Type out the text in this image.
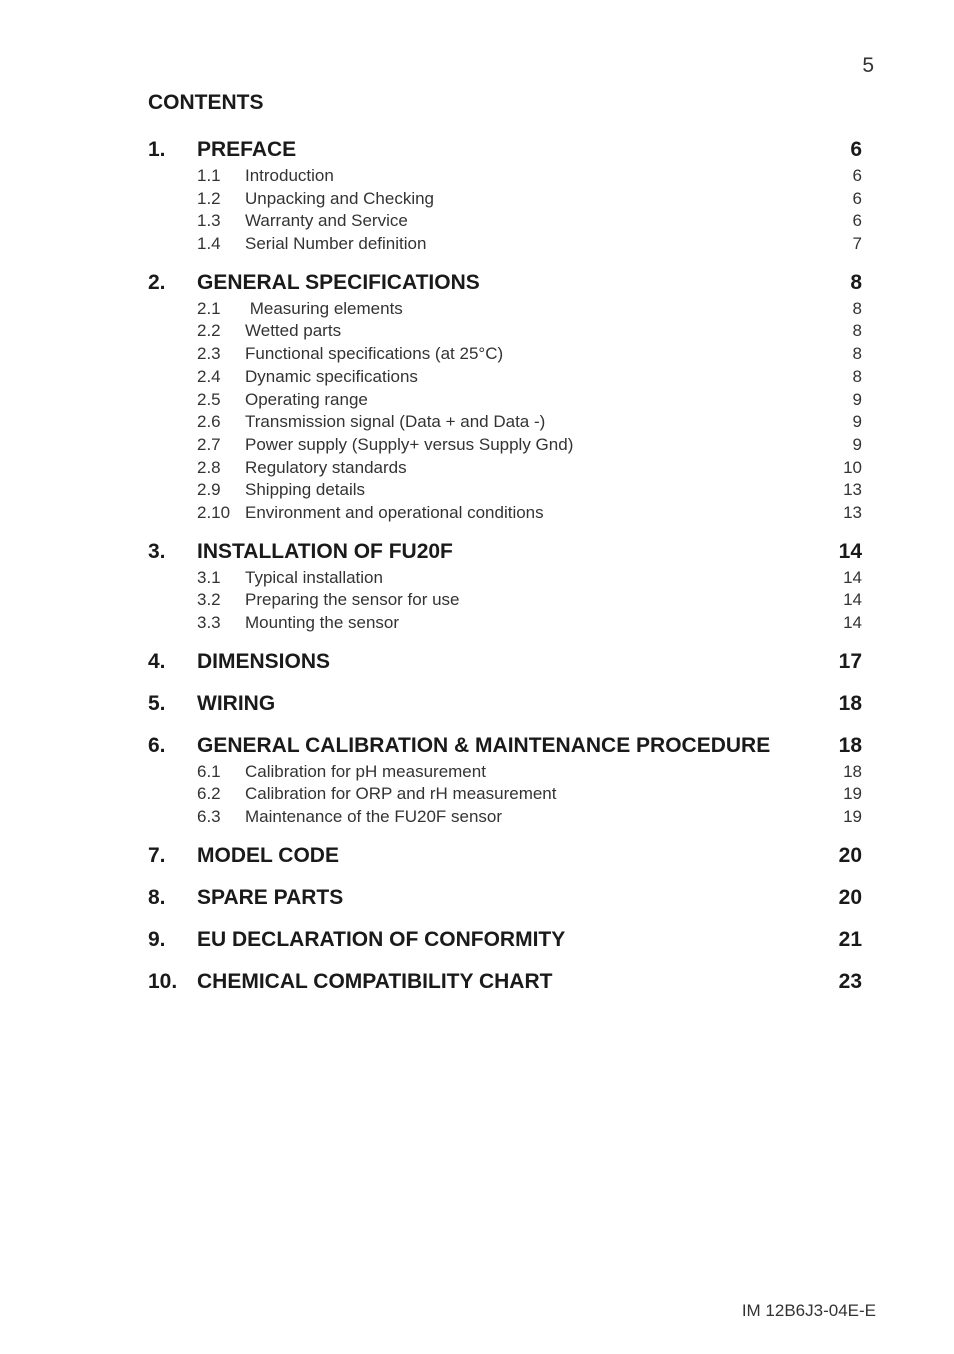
5
CONTENTS
1.	PREFACE	6
1.1	Introduction	6
1.2	Unpacking and Checking	6
1.3	Warranty and Service	6
1.4	Serial Number definition	7
2.	GENERAL SPECIFICATIONS	8
2.1	Measuring elements	8
2.2	Wetted parts	8
2.3	Functional specifications (at 25°C)	8
2.4	Dynamic specifications	8
2.5	Operating range	9
2.6	Transmission signal (Data + and Data -)	9
2.7	Power supply (Supply+ versus Supply Gnd)	9
2.8	Regulatory standards	10
2.9	Shipping details	13
2.10 Environment and operational conditions	13
3.	INSTALLATION OF FU20F	14
3.1	Typical installation	14
3.2	Preparing the sensor for use	14
3.3	Mounting the sensor	14
4.	DIMENSIONS	17
5.	WIRING	18
6.	GENERAL CALIBRATION & MAINTENANCE PROCEDURE	18
6.1	Calibration for pH measurement	18
6.2	Calibration for ORP and rH measurement	19
6.3	Maintenance of the FU20F sensor	19
7.	MODEL CODE	20
8.	SPARE PARTS	20
9.	EU DECLARATION OF CONFORMITY	21
10. CHEMICAL COMPATIBILITY CHART	23
IM 12B6J3-04E-E
